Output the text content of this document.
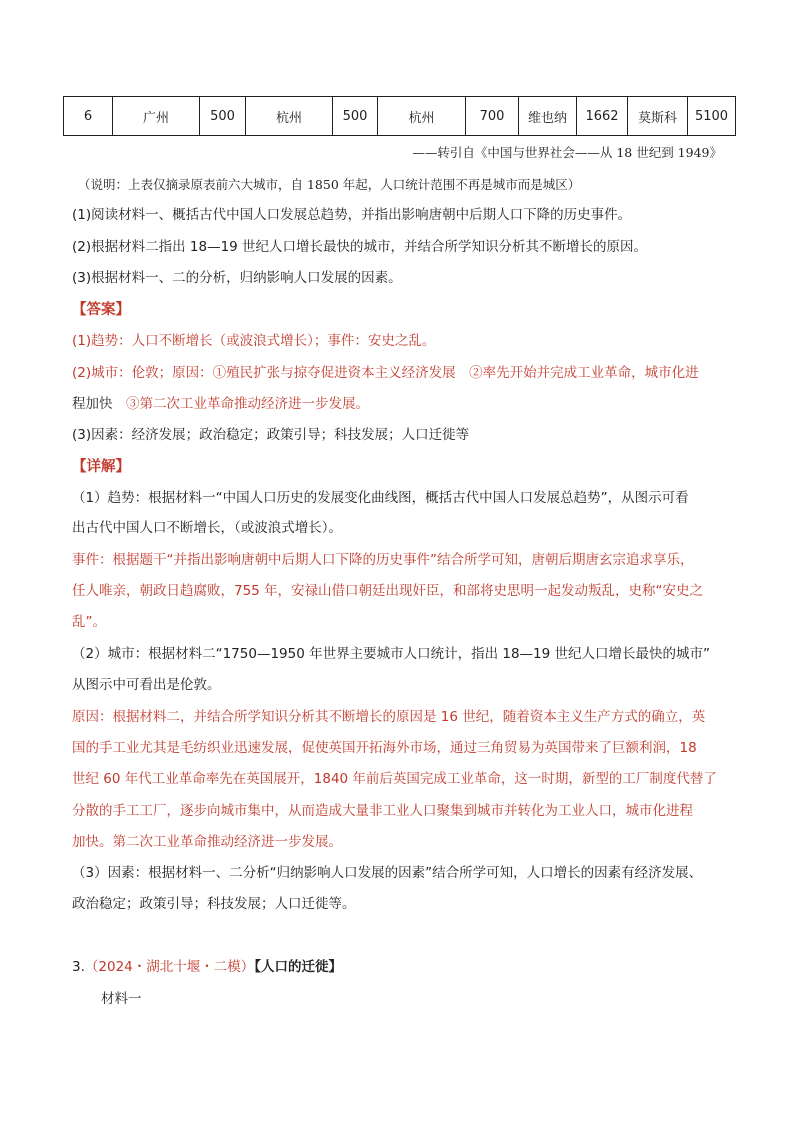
6	广州	500	杭州	500	杭州	700	维也纳	1662	莫斯科	5100
——转引自《中国与世界社会——从 18 世纪到 1949》
（说明：上表仅摘录原表前六大城市，自 1850 年起，人口统计范围不再是城市而是城区）
(1)阅读材料一、概括古代中国人口发展总趋势，并指出影响唐朝中后期人口下降的历史事件。
(2)根据材料二指出 18—19 世纪人口增长最快的城市，并结合所学知识分析其不断增长的原因。
(3)根据材料一、二的分析，归纳影响人口发展的因素。
【答案】
(1)趋势：人口不断增长（或波浪式增长）；事件：安史之乱。
(2)城市：伦敦；原因：①殖民扩张与掠夺促进资本主义经济发展　②率先开始并完成工业革命，城市化进
程加快　③第二次工业革命推动经济进一步发展。
(3)因素：经济发展；政治稳定；政策引导；科技发展；人口迁徙等
【详解】
（1）趋势：根据材料一“中国人口历史的发展变化曲线图，概括古代中国人口发展总趋势”，从图示可看
出古代中国人口不断增长，（或波浪式增长）。
事件：根据题干“并指出影响唐朝中后期人口下降的历史事件”结合所学可知，唐朝后期唐玄宗追求享乐，
任人唯亲，朝政日趋腐败，755 年，安禄山借口朝廷出现奸臣，和部将史思明一起发动叛乱，史称“安史之
乱”。
（2）城市：根据材料二“1750—1950 年世界主要城市人口统计，指出 18—19 世纪人口增长最快的城市”
从图示中可看出是伦敦。
原因：根据材料二，并结合所学知识分析其不断增长的原因是 16 世纪，随着资本主义生产方式的确立，英
国的手工业尤其是毛纺织业迅速发展，促使英国开拓海外市场，通过三角贸易为英国带来了巨额利润，18
世纪 60 年代工业革命率先在英国展开，1840 年前后英国完成工业革命，这一时期，新型的工厂制度代替了
分散的手工工厂，逐步向城市集中，从而造成大量非工业人口聚集到城市并转化为工业人口，城市化进程
加快。第二次工业革命推动经济进一步发展。
（3）因素：根据材料一、二分析“归纳影响人口发展的因素”结合所学可知，人口增长的因素有经济发展、
政治稳定；政策引导；科技发展；人口迁徙等。
3.（2024・湖北十堰・二模）【人口的迁徙】
材料一
